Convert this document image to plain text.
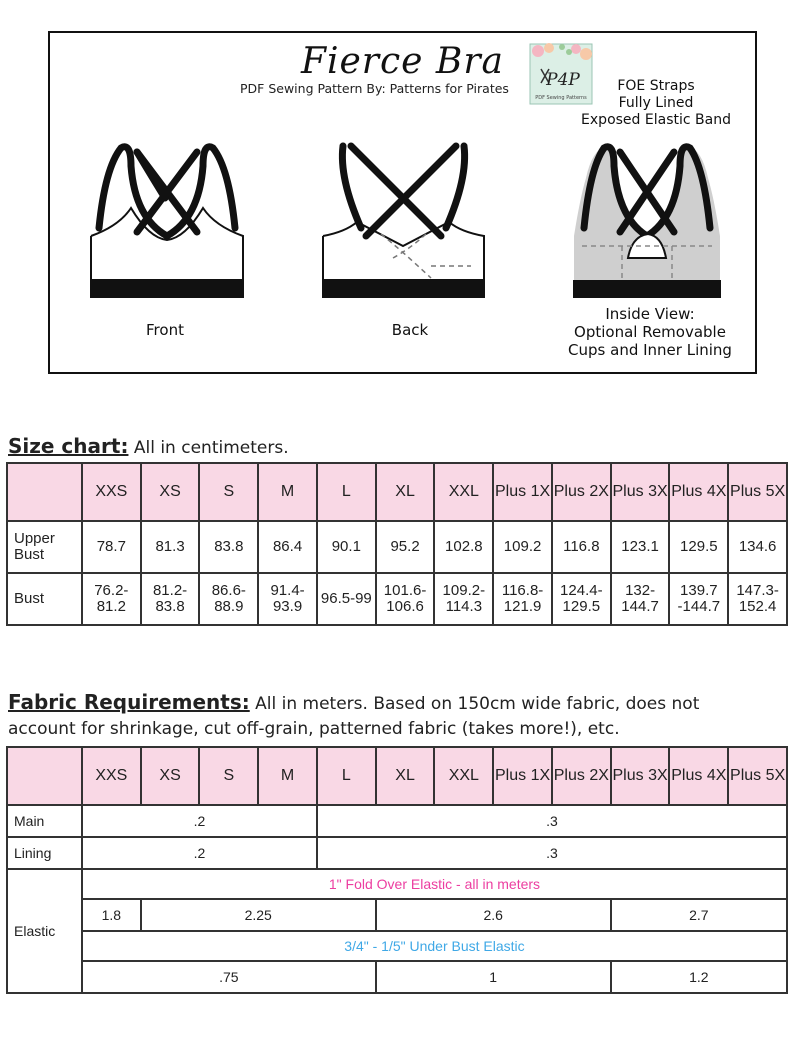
Fierce Bra
PDF Sewing Pattern By: Patterns for Pirates P4P
PDF Sewing Patterns
FOE Straps
Fully Lined
Exposed Elastic Band
Front	Back
Inside View:
Optional Removable
Cups and Inner Lining
Size chart: All in centimeters.
	XXS	XS	S	M	L	XL	XXL	Plus 1X	Plus 2X	Plus 3X	Plus 4X	Plus 5X
Upper Bust	78.7	81.3	83.8	86.4	90.1	95.2	102.8	109.2	116.8	123.1	129.5	134.6
Bust	76.2-81.2	81.2-83.8	86.6-88.9	91.4-93.9	96.5-99	101.6-106.6	109.2-114.3	116.8-121.9	124.4-129.5	132-144.7	139.7 -144.7	147.3-152.4
Fabric Requirements: All in meters. Based on 150cm wide fabric, does not
account for shrinkage, cut off-grain, patterned fabric (takes more!), etc.
	XXS	XS	S	M	L	XL	XXL	Plus 1X	Plus 2X	Plus 3X	Plus 4X	Plus 5X
Main	.2				.3							
Lining	.2				.3							
Elastic	1" Fold Over Elastic - all in meters											
	1.8	2.25				2.6				2.7		
	3/4" - 1/5" Under Bust Elastic											
	.75					1				1.2		
